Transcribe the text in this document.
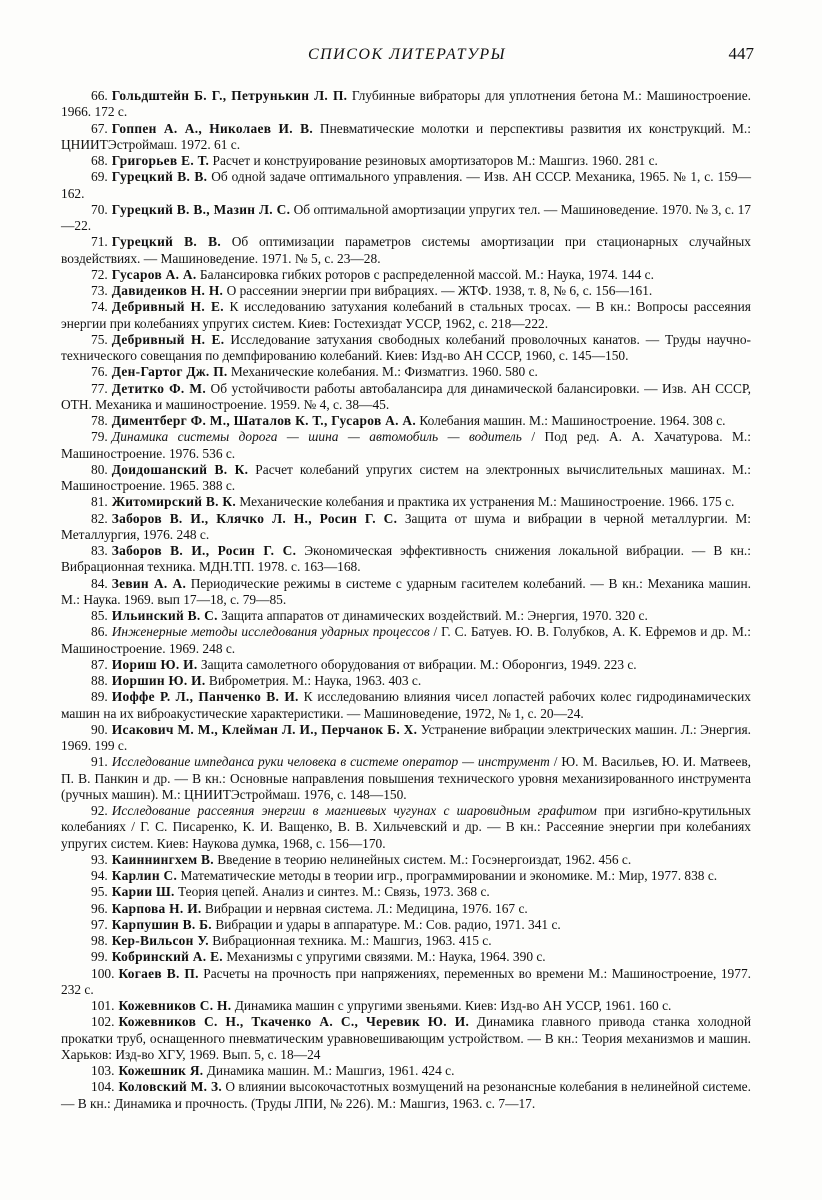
СПИСОК ЛИТЕРАТУРЫ	447

66. Гольдштейн Б. Г., Петрунькин Л. П. Глубинные вибраторы для уплотнения бетона М.: Машиностроение. 1966. 172 с.

67. Гоппен А. А., Николаев И. В. Пневматические молотки и перспективы развития их конструкций. М.: ЦНИИТЭстроймаш. 1972. 61 с.

68. Григорьев Е. Т. Расчет и конструирование резиновых амортизаторов М.: Машгиз. 1960. 281 с.

69. Гурецкий В. В. Об одной задаче оптимального управления. — Изв. АН СССР. Механика, 1965. № 1, с. 159—162.

70. Гурецкий В. В., Мазин Л. С. Об оптимальной амортизации упругих тел. — Машиноведение. 1970. № 3, с. 17—22.

71. Гурецкий В. В. Об оптимизации параметров системы амортизации при стационарных случайных воздействиях. — Машиноведение. 1971. № 5, с. 23—28.

72. Гусаров А. А. Балансировка гибких роторов с распределенной массой. М.: Наука, 1974. 144 с.

73. Давидеиков Н. Н. О рассеянии энергии при вибрациях. — ЖТФ. 1938, т. 8, № 6, с. 156—161.

74. Дебривный Н. Е. К исследованию затухания колебаний в стальных тросах. — В кн.: Вопросы рассеяния энергии при колебаниях упругих систем. Киев: Гостехиздат УССР, 1962, с. 218—222.

75. Дебривный Н. Е. Исследование затухания свободных колебаний проволочных канатов. — Труды научно-технического совещания по демпфированию колебаний. Киев: Изд-во АН СССР, 1960, с. 145—150.

76. Ден-Гартог Дж. П. Механические колебания. М.: Физматгиз. 1960. 580 с.

77. Детитко Ф. М. Об устойчивости работы автобалансира для динамической балансировки. — Изв. АН СССР, ОТН. Механика и машиностроение. 1959. № 4, с. 38—45.

78. Диментберг Ф. М., Шаталов К. Т., Гусаров А. А. Колебания машин. М.: Машиностроение. 1964. 308 с.

79. Динамика системы дорога — шина — автомобиль — водитель / Под ред. А. А. Хачатурова. М.: Машиностроение. 1976. 536 с.

80. Доидошанский В. К. Расчет колебаний упругих систем на электронных вычислительных машинах. М.: Машиностроение. 1965. 388 с.

81. Житомирский В. К. Механические колебания и практика их устранения М.: Машиностроение. 1966. 175 с.

82. Заборов В. И., Клячко Л. Н., Роcин Г. С. Защита от шума и вибрации в черной металлургии. М: Металлургия, 1976. 248 с.

83. Заборов В. И., Росин Г. С. Экономическая эффективность снижения локальной вибрации. — В кн.: Вибрационная техника. МДН.ТП. 1978. с. 163—168.

84. Зевин А. А. Периодические режимы в системе с ударным гасителем колебаний. — В кн.: Механика машин. М.: Наука. 1969. вып 17—18, с. 79—85.

85. Ильинский В. С. Защита аппаратов от динамических воздействий. М.: Энергия, 1970. 320 с.

86. Инженерные методы исследования ударных процессов / Г. С. Батуев. Ю. В. Голубков, А. К. Ефремов и др. М.: Машиностроение. 1969. 248 с.

87. Иориш Ю. И. Защита самолетного оборудования от вибрации. М.: Оборонгиз, 1949. 223 с.

88. Иоршин Ю. И. Виброметрия. М.: Наука, 1963. 403 с.

89. Иоффе Р. Л., Панченко В. И. К исследованию влияния чисел лопастей рабочих колес гидродинамических машин на их виброакустические характеристики. — Машиноведение, 1972, № 1, с. 20—24.

90. Исакович М. М., Клейман Л. И., Перчанок Б. Х. Устранение вибрации электрических машин. Л.: Энергия. 1969. 199 с.

91. Исследование импеданса руки человека в системе оператор — инструмент / Ю. М. Васильев, Ю. И. Матвеев, П. В. Панкин и др. — В кн.: Основные направления повышения технического уровня механизированного инструмента (ручных машин). М.: ЦНИИТЭстроймаш. 1976, с. 148—150.

92. Исследование рассеяния энергии в магниевых чугунах с шаровидным графитом при изгибно-крутильных колебаниях / Г. С. Писаренко, К. И. Ващенко, В. В. Хильчевский и др. — В кн.: Рассеяние энергии при колебаниях упругих систем. Киев: Наукова думка, 1968, с. 156—170.

93. Каиннингхем В. Введение в теорию нелинейных систем. М.: Госэнергоиздат, 1962. 456 с.

94. Карлин С. Математические методы в теории игр., программировании и экономике. М.: Мир, 1977. 838 с.

95. Карии Ш. Теория цепей. Анализ и синтез. М.: Связь, 1973. 368 с.

96. Карпова Н. И. Вибрации и нервная система. Л.: Медицина, 1976. 167 с.

97. Карпушин В. Б. Вибрации и удары в аппаратуре. М.: Сов. радио, 1971. 341 с.

98. Кер-Вильсон У. Вибрационная техника. М.: Машгиз, 1963. 415 с.

99. Кобринский А. Е. Механизмы с упругими связями. М.: Наука, 1964. 390 с.

100. Когаев В. П. Расчеты на прочность при напряжениях, переменных во времени М.: Машиностроение, 1977. 232 с.

101. Кожевников С. Н. Динамика машин с упругими звеньями. Киев: Изд-во АН УССР, 1961. 160 с.

102. Кожевников С. Н., Ткаченко А. С., Черевик Ю. И. Динамика главного привода станка холодной прокатки труб, оснащенного пневматическим уравновешивающим устройством. — В кн.: Теория механизмов и машин. Харьков: Изд-во ХГУ, 1969. Вып. 5, с. 18—24

103. Кожешник Я. Динамика машин. М.: Машгиз, 1961. 424 с.

104. Коловский М. З. О влиянии высокочастотных возмущений на резонансные колебания в нелинейной системе. — В кн.: Динамика и прочность. (Труды ЛПИ, № 226). М.: Машгиз, 1963. с. 7—17.
